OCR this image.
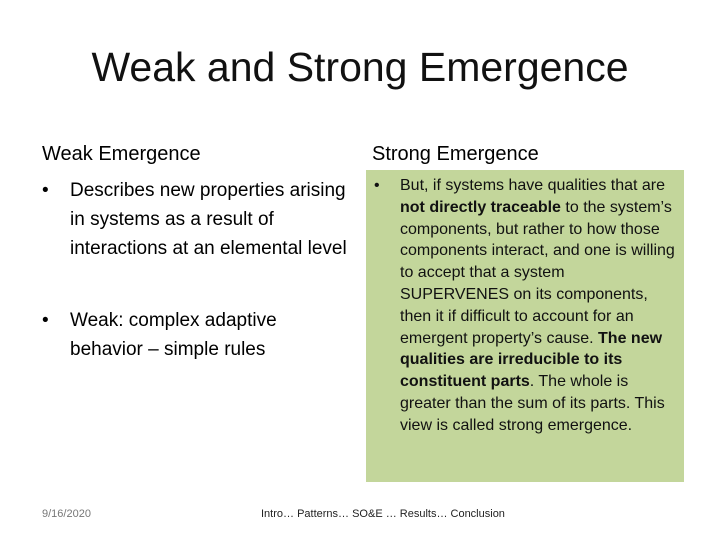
Weak and Strong Emergence
Weak Emergence	Strong Emergence
• Describes new properties arising in systems as a result of interactions at an elemental level
• Weak: complex adaptive behavior – simple rules

• But, if systems have qualities that are not directly traceable to the system’s components, but rather to how those components interact, and one is willing to accept that a system SUPERVENES on its components, then it if difficult to account for an emergent property’s cause. The new qualities are irreducible to its constituent parts. The whole is greater than the sum of its parts. This view is called strong emergence.

9/16/2020	Intro… Patterns… SO&E … Results… Conclusion
